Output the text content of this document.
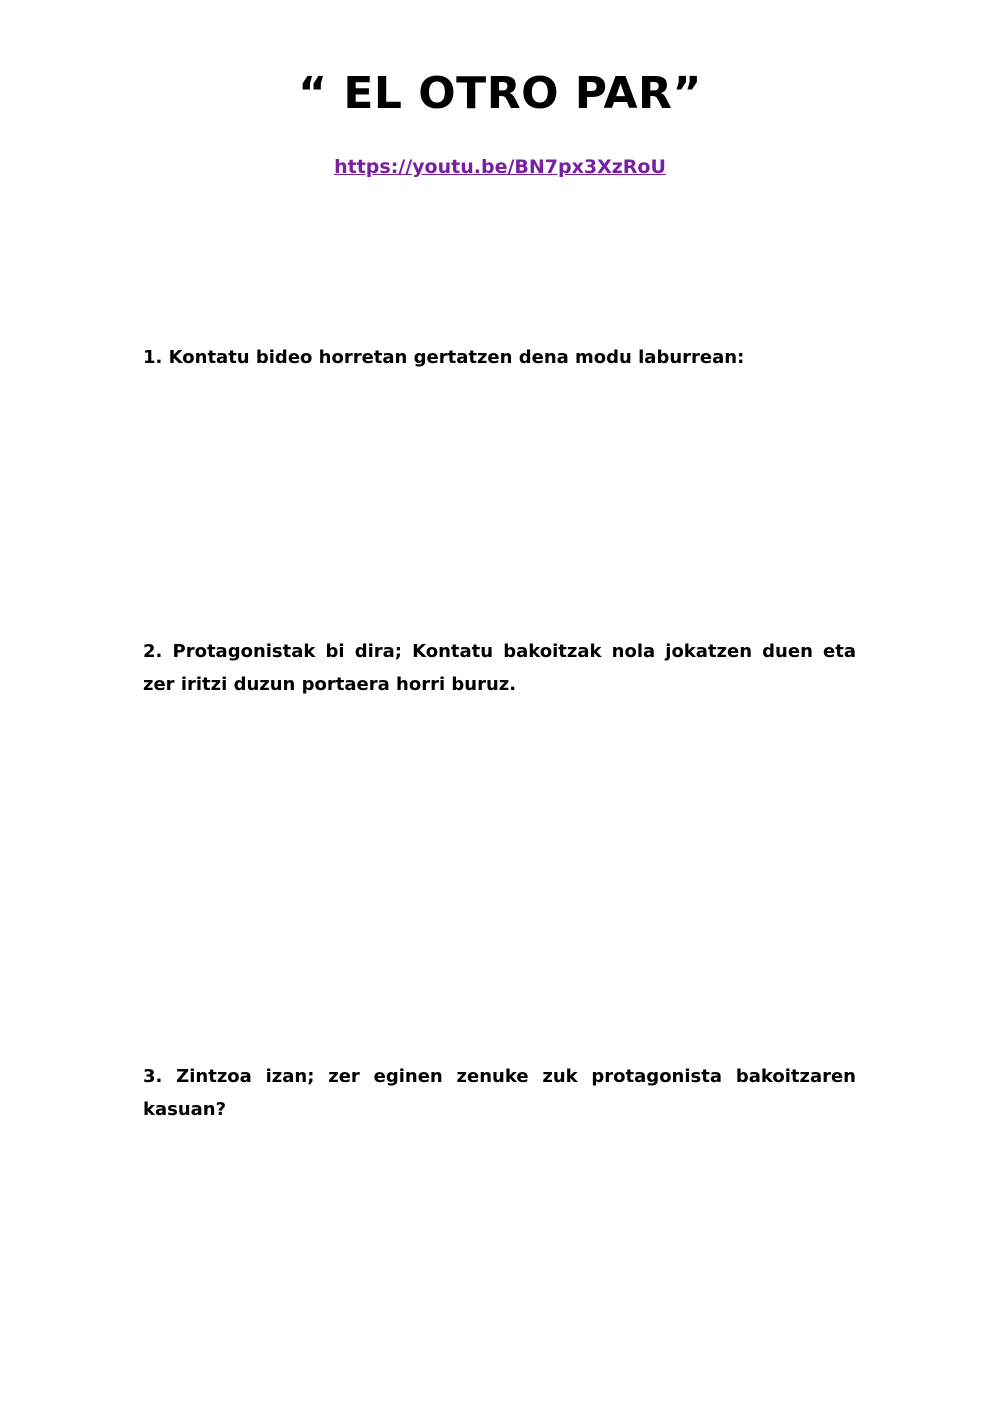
“ EL OTRO PAR”
https://youtu.be/BN7px3XzRoU

1. Kontatu bideo horretan gertatzen dena modu laburrean:

2. Protagonistak bi dira; Kontatu bakoitzak nola jokatzen duen eta zer iritzi duzun portaera horri buruz.

3. Zintzoa izan; zer eginen zenuke zuk protagonista bakoitzaren kasuan?
